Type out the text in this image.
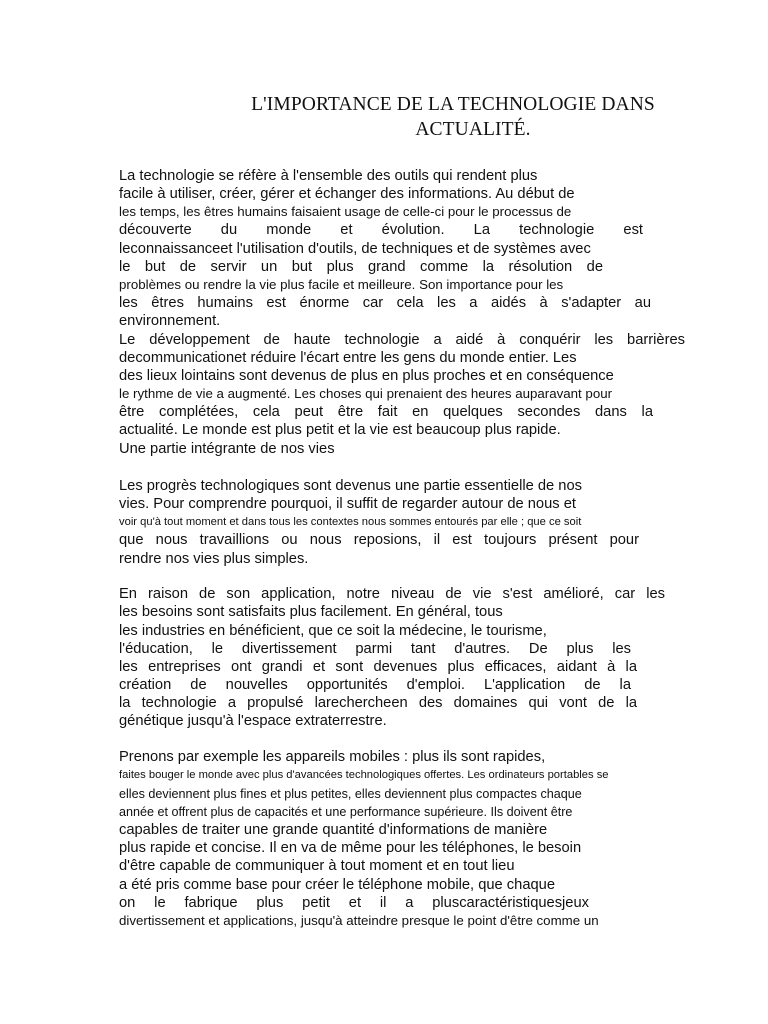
L'IMPORTANCE DE LA TECHNOLOGIE DANS
ACTUALITÉ.
La technologie se réfère à l'ensemble des outils qui rendent plus
facile à utiliser, créer, gérer et échanger des informations. Au début de
les temps, les êtres humains faisaient usage de celle-ci pour le processus de
découverte du monde et évolution. La technologie est
leconnaissanceet l'utilisation d'outils, de techniques et de systèmes avec
le but de servir un but plus grand comme la résolution de
problèmes ou rendre la vie plus facile et meilleure. Son importance pour les
les êtres humains est énorme car cela les a aidés à s'adapter au
environnement.
Le développement de haute technologie a aidé à conquérir les barrières
decommunicationet réduire l'écart entre les gens du monde entier. Les
des lieux lointains sont devenus de plus en plus proches et en conséquence
le rythme de vie a augmenté. Les choses qui prenaient des heures auparavant pour
être complétées, cela peut être fait en quelques secondes dans la
actualité. Le monde est plus petit et la vie est beaucoup plus rapide.
Une partie intégrante de nos vies
Les progrès technologiques sont devenus une partie essentielle de nos
vies. Pour comprendre pourquoi, il suffit de regarder autour de nous et
voir qu'à tout moment et dans tous les contextes nous sommes entourés par elle ; que ce soit
que nous travaillions ou nous reposions, il est toujours présent pour
rendre nos vies plus simples.
En raison de son application, notre niveau de vie s'est amélioré, car les
les besoins sont satisfaits plus facilement. En général, tous
les industries en bénéficient, que ce soit la médecine, le tourisme,
l'éducation, le divertissement parmi tant d'autres. De plus les
les entreprises ont grandi et sont devenues plus efficaces, aidant à la
création de nouvelles opportunités d'emploi. L'application de la
la technologie a propulsé larechercheen des domaines qui vont de la
génétique jusqu'à l'espace extraterrestre.
Prenons par exemple les appareils mobiles : plus ils sont rapides,
faites bouger le monde avec plus d'avancées technologiques offertes. Les ordinateurs portables se
elles deviennent plus fines et plus petites, elles deviennent plus compactes chaque
année et offrent plus de capacités et une performance supérieure. Ils doivent être
capables de traiter une grande quantité d'informations de manière
plus rapide et concise. Il en va de même pour les téléphones, le besoin
d'être capable de communiquer à tout moment et en tout lieu
a été pris comme base pour créer le téléphone mobile, que chaque
on le fabrique plus petit et il a pluscaractéristiquesjeux
divertissement et applications, jusqu'à atteindre presque le point d'être comme un
